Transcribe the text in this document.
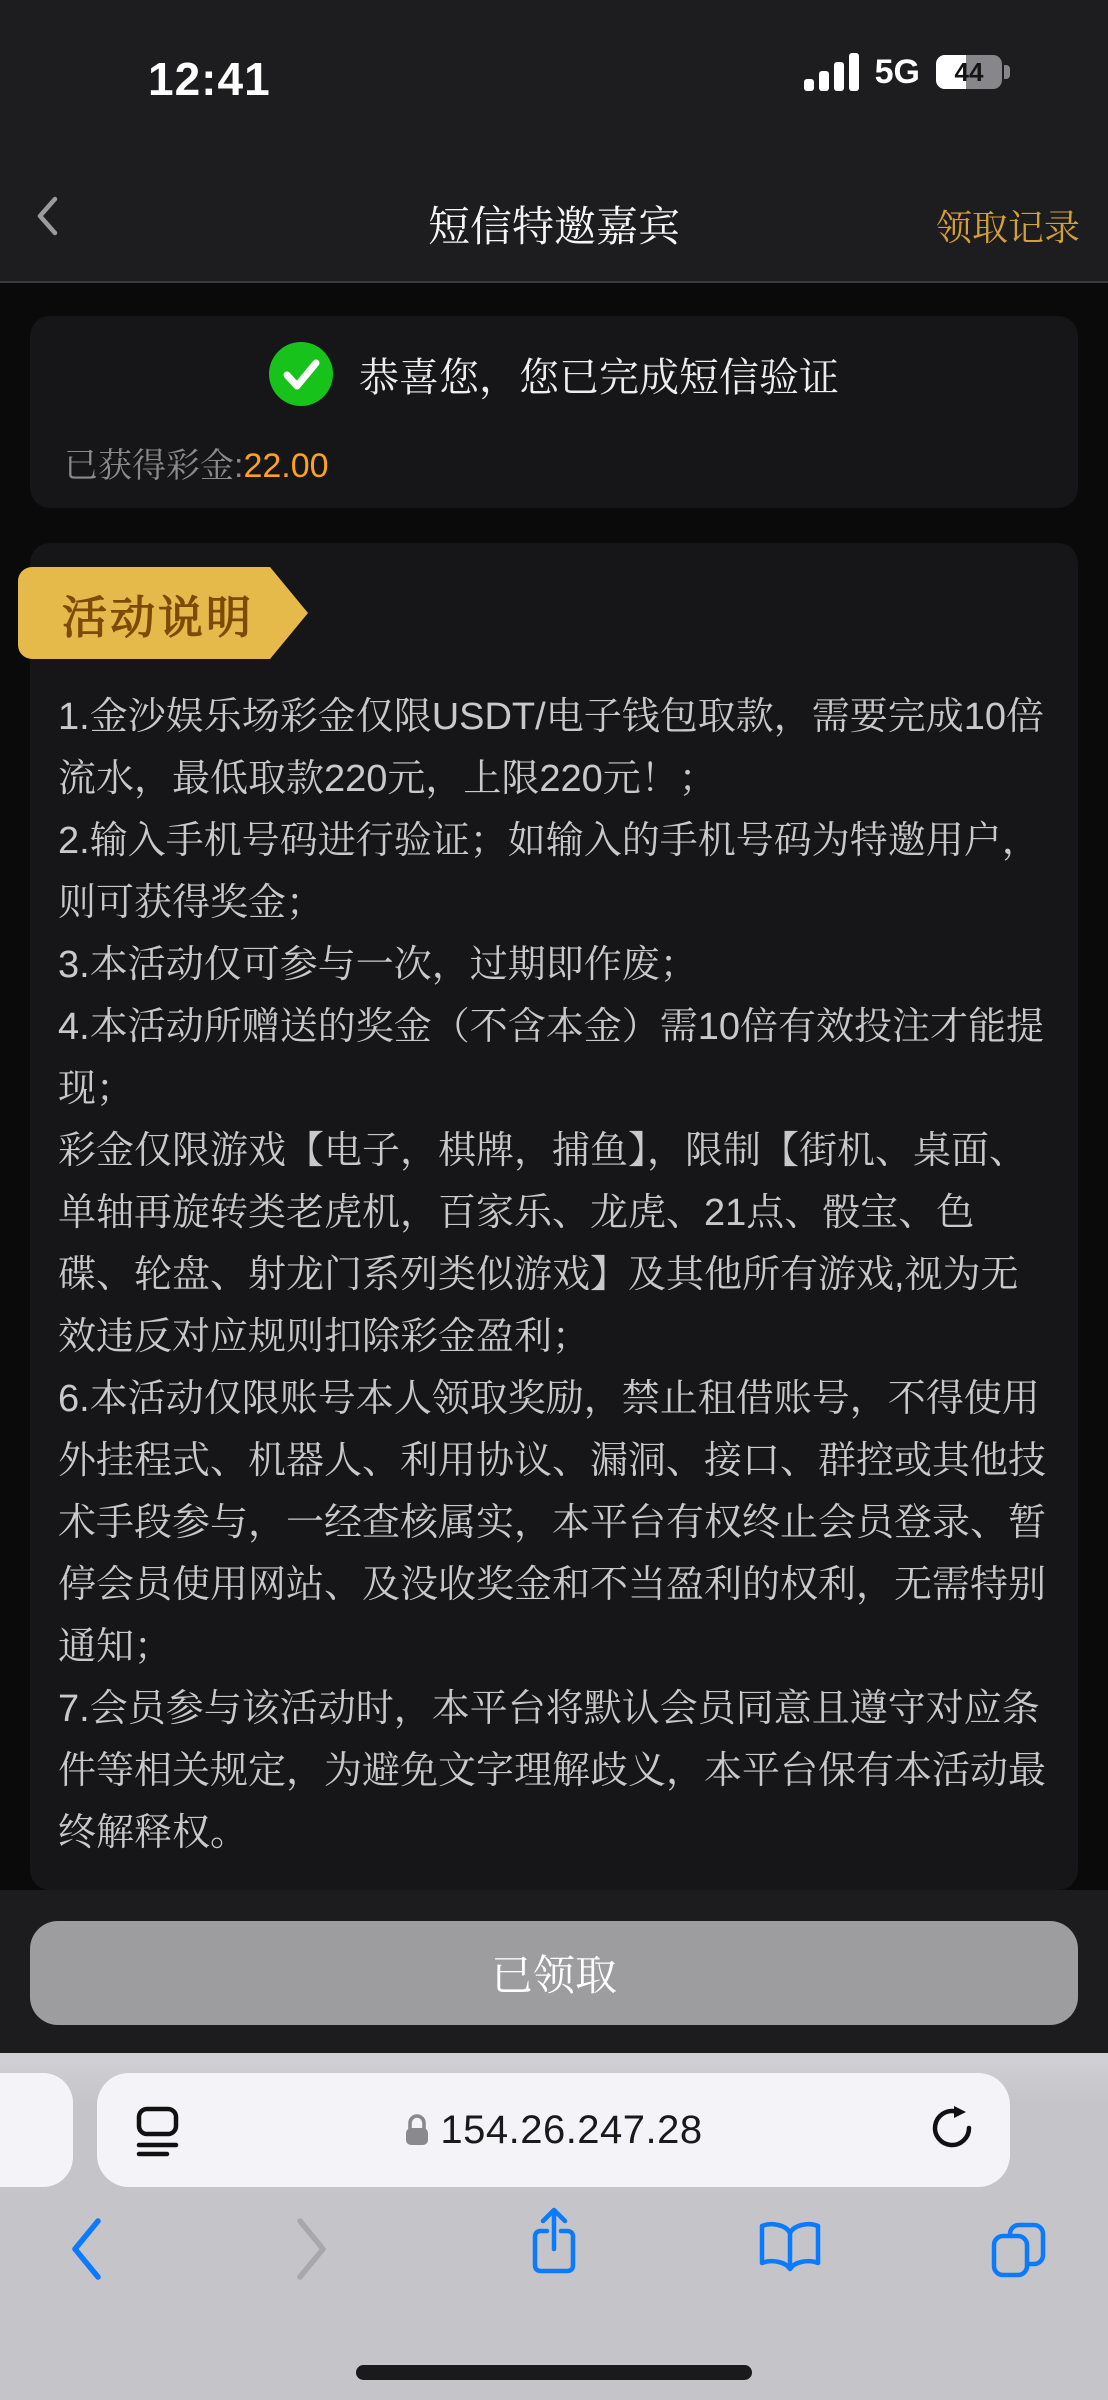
12:41	5G	44
短信特邀嘉宾	领取记录
恭喜您，您已完成短信验证
已获得彩金:22.00
活动说明

1.金沙娱乐场彩金仅限USDT/电子钱包取款，需要完成10倍流水，最低取款220元，上限220元！；

2.输入手机号码进行验证；如输入的手机号码为特邀用户，则可获得奖金；

3.本活动仅可参与一次，过期即作废；

4.本活动所赠送的奖金（不含本金）需10倍有效投注才能提现；

彩金仅限游戏【电子，棋牌，捕鱼】，限制【街机、桌面、单轴再旋转类老虎机，百家乐、龙虎、21点、骰宝、色碟、轮盘、射龙门系列类似游戏】及其他所有游戏,视为无效违反对应规则扣除彩金盈利；

6.本活动仅限账号本人领取奖励，禁止租借账号，不得使用外挂程式、机器人、利用协议、漏洞、接口、群控或其他技术手段参与，一经查核属实，本平台有权终止会员登录、暂停会员使用网站、及没收奖金和不当盈利的权利，无需特别通知；

7.会员参与该活动时，本平台将默认会员同意且遵守对应条件等相关规定，为避免文字理解歧义，本平台保有本活动最终解释权。

已领取
154.26.247.28
